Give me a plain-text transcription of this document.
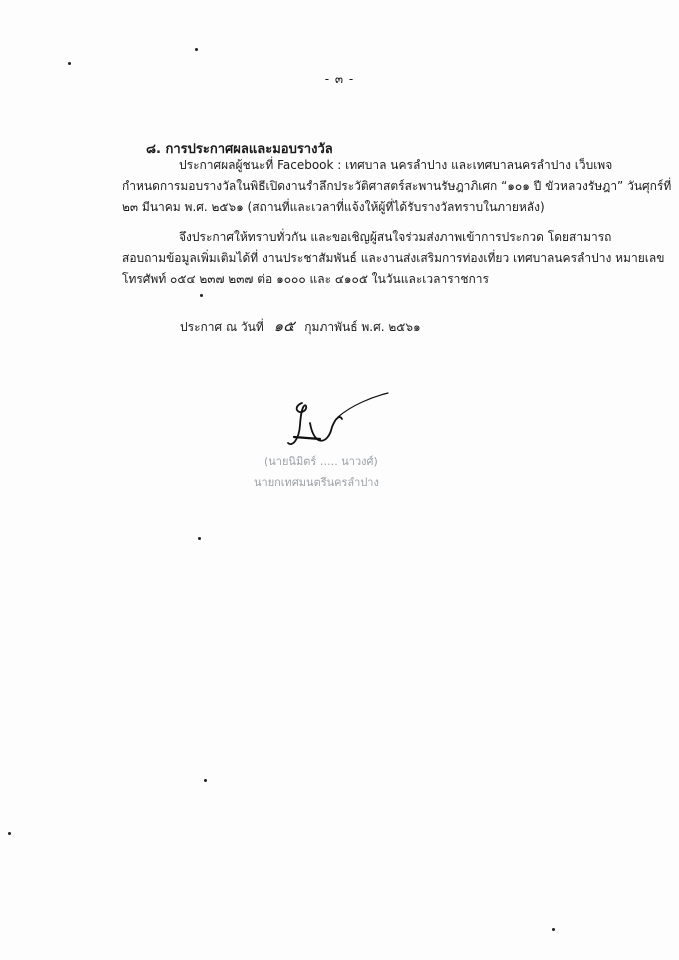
- ๓ -
๘. การประกาศผลและมอบรางวัล
ประกาศผลผู้ชนะที่ Facebook : เทศบาล นครลำปาง และเทศบาลนครลำปาง เว็บเพจ
กำหนดการมอบรางวัลในพิธีเปิดงานรำลึกประวัติศาสตร์สะพานรัษฎาภิเศก “๑๐๑ ปี ขัวหลวงรัษฎา” วันศุกร์ที่
๒๓ มีนาคม พ.ศ. ๒๕๖๑ (สถานที่และเวลาที่แจ้งให้ผู้ที่ได้รับรางวัลทราบในภายหลัง)
จึงประกาศให้ทราบทั่วกัน และขอเชิญผู้สนใจร่วมส่งภาพเข้าการประกวด โดยสามารถ
สอบถามข้อมูลเพิ่มเติมได้ที่ งานประชาสัมพันธ์ และงานส่งเสริมการท่องเที่ยว เทศบาลนครลำปาง หมายเลข
โทรศัพท์ ๐๕๔ ๒๓๗ ๒๓๗ ต่อ ๑๐๐๐ และ ๔๑๐๕ ในวันและเวลาราชการ
ประกาศ ณ วันที่ ๑๕ กุมภาพันธ์ พ.ศ. ๒๕๖๑
(นายนิมิตร์ ….. นาวงศ์)
นายกเทศมนตรีนครลำปาง
